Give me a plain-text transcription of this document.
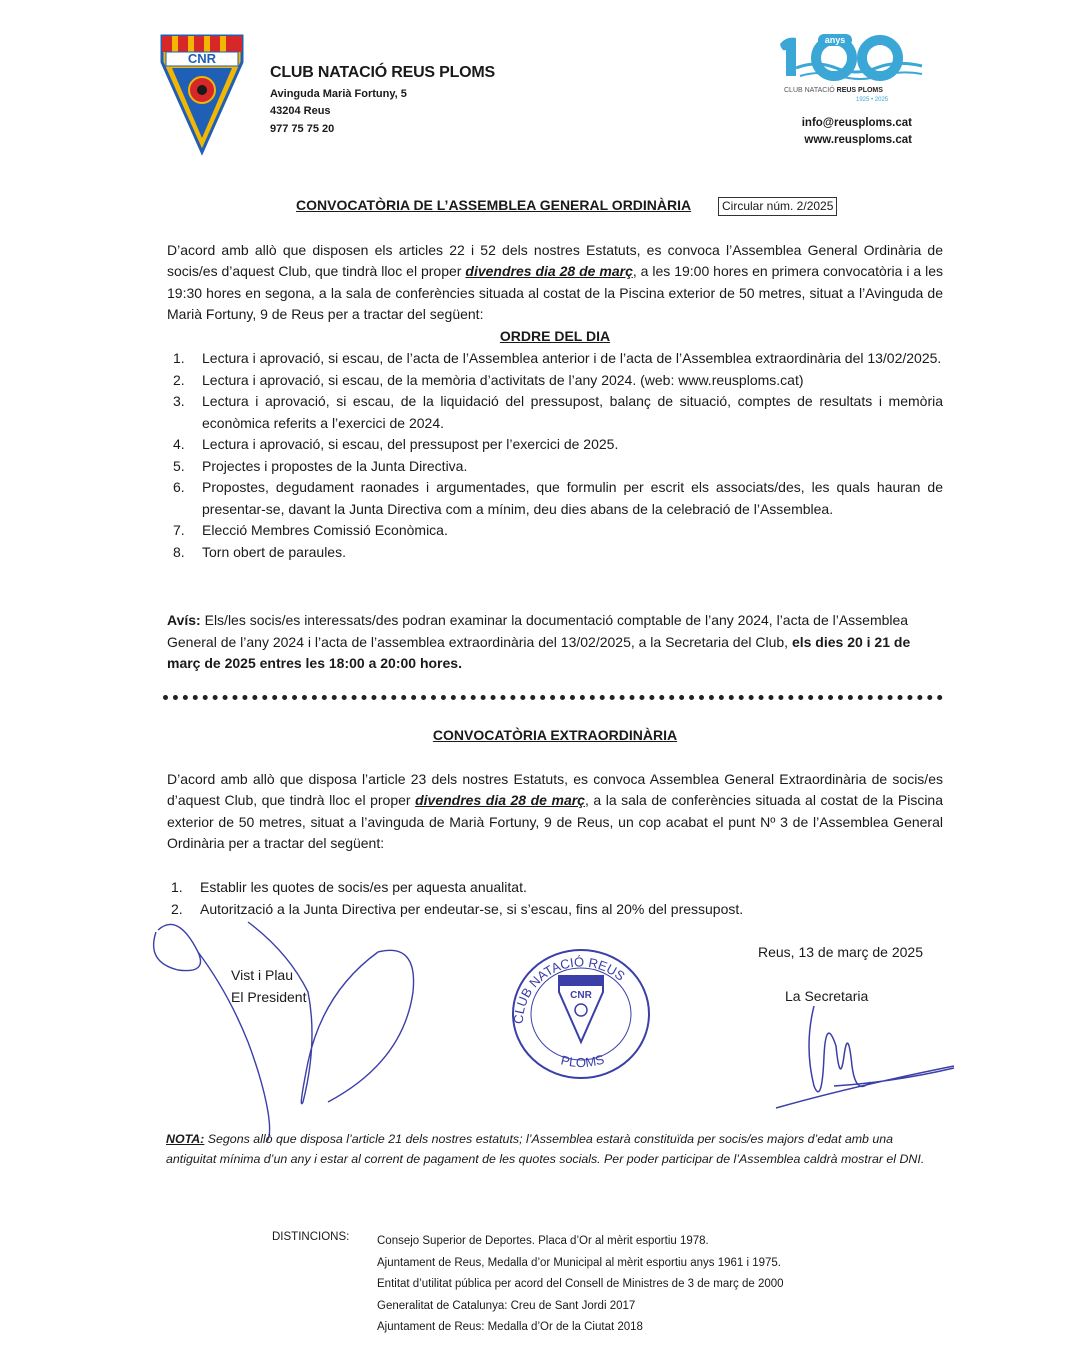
CNR
CLUB NATACIÓ REUS PLOMS
Avinguda Marià Fortuny, 5
43204 Reus
977 75 75 20
anys
CLUB NATACIÓ REUS PLOMS
1925 • 2025
info@reusploms.cat
www.reusploms.cat
CONVOCATÒRIA DE L’ASSEMBLEA GENERAL ORDINÀRIA	Circular núm. 2/2025
D’acord amb allò que disposen els articles 22 i 52 dels nostres Estatuts, es convoca l’Assemblea General Ordinària de socis/es d’aquest Club, que tindrà lloc el proper divendres dia 28 de març, a les 19:00 hores en primera convocatòria i a les 19:30 hores en segona, a la sala de conferències situada al costat de la Piscina exterior de 50 metres, situat a l’Avinguda de Marià Fortuny, 9 de Reus per a tractar del següent:
ORDRE DEL DIA
1. Lectura i aprovació, si escau, de l’acta de l’Assemblea anterior i de l’acta de l’Assemblea extraordinària del 13/02/2025.
2. Lectura i aprovació, si escau, de la memòria d’activitats de l’any 2024. (web: www.reusploms.cat)
3. Lectura i aprovació, si escau, de la liquidació del pressupost, balanç de situació, comptes de resultats i memòria econòmica referits a l’exercici de 2024.
4. Lectura i aprovació, si escau, del pressupost per l’exercici de 2025.
5. Projectes i propostes de la Junta Directiva.
6. Propostes, degudament raonades i argumentades, que formulin per escrit els associats/des, les quals hauran de presentar-se, davant la Junta Directiva com a mínim, deu dies abans de la celebració de l’Assemblea.
7. Elecció Membres Comissió Econòmica.
8. Torn obert de paraules.
Avís: Els/les socis/es interessats/des podran examinar la documentació comptable de l’any 2024, l’acta de l’Assemblea General de l’any 2024 i l’acta de l’assemblea extraordinària del 13/02/2025, a la Secretaria del Club, els dies 20 i 21 de març de 2025 entres les 18:00 a 20:00 hores.
CONVOCATÒRIA EXTRAORDINÀRIA
D’acord amb allò que disposa l’article 23 dels nostres Estatuts, es convoca Assemblea General Extraordinària de socis/es d’aquest Club, que tindrà lloc el proper divendres dia 28 de març, a la sala de conferències situada al costat de la Piscina exterior de 50 metres, situat a l’avinguda de Marià Fortuny, 9 de Reus, un cop acabat el punt Nº 3 de l’Assemblea General Ordinària per a tractar del següent:
1. Establir les quotes de socis/es per aquesta anualitat.
2. Autorització a la Junta Directiva per endeutar-se, si s’escau, fins al 20% del pressupost.
Reus, 13 de març de 2025
Vist i Plau
El President	La Secretaria
CLUB NATACIÓ REUS
PLOMS
CNR
NOTA: Segons allò que disposa l’article 21 dels nostres estatuts; l’Assemblea estarà constituïda per socis/es majors d’edat amb una antiguitat mínima d’un any i estar al corrent de pagament de les quotes socials. Per poder participar de l’Assemblea caldrà mostrar el DNI.
DISTINCIONS: Consejo Superior de Deportes. Placa d’Or al mèrit esportiu 1978.
Ajuntament de Reus, Medalla d’or Municipal al mèrit esportiu anys 1961 i 1975.
Entitat d’utilitat pública per acord del Consell de Ministres de 3 de març de 2000
Generalitat de Catalunya: Creu de Sant Jordi 2017
Ajuntament de Reus: Medalla d’Or de la Ciutat 2018
